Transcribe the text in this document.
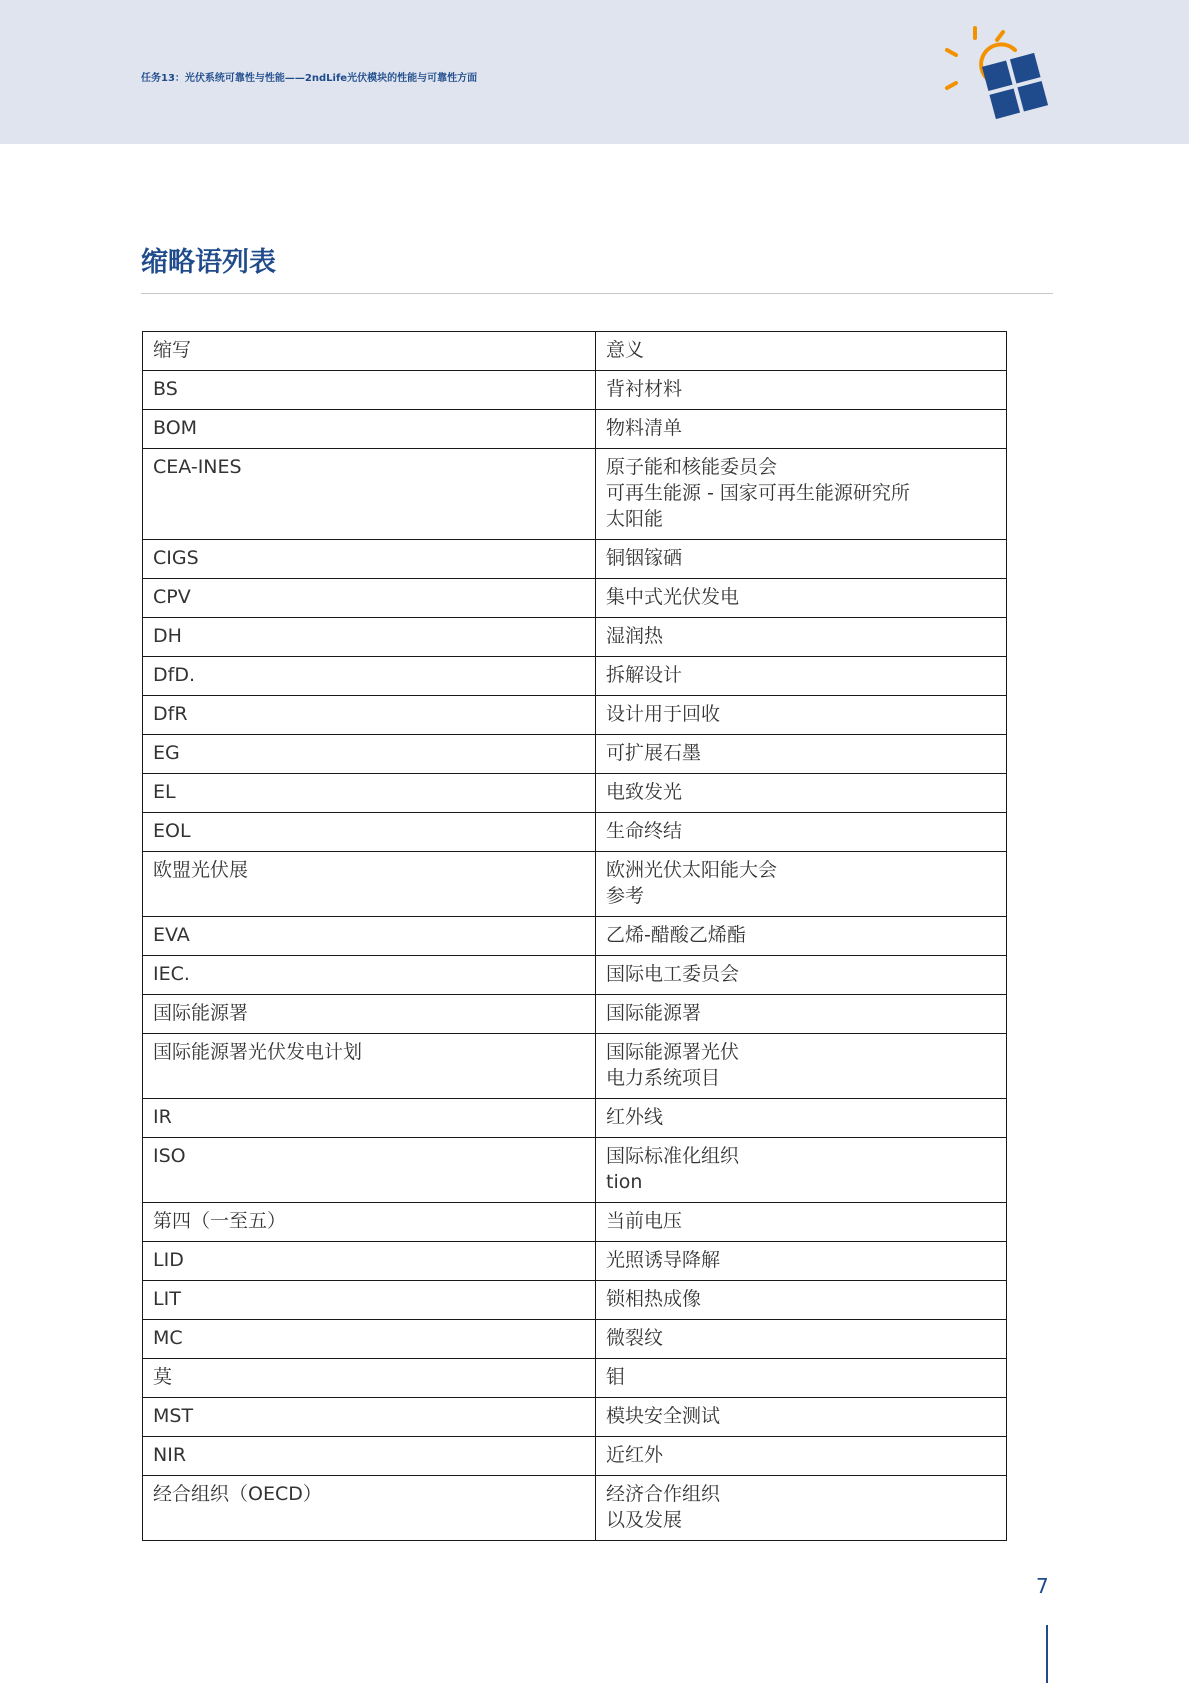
任务13：光伏系统可靠性与性能——2ndLife光伏模块的性能与可靠性方面
缩略语列表
缩写	意义
BS	背衬材料

BOM	物料清单

CEA-INES	原子能和核能委员会
可再生能源 - 国家可再生能源研究所
太阳能

CIGS	铜铟镓硒

CPV	集中式光伏发电

DH	湿润热

DfD.	拆解设计

DfR	设计用于回收

EG	可扩展石墨

EL	电致发光

EOL	生命终结

欧盟光伏展	欧洲光伏太阳能大会
参考

EVA	乙烯-醋酸乙烯酯

IEC.	国际电工委员会

国际能源署	国际能源署

国际能源署光伏发电计划	国际能源署光伏
电力系统项目

IR	红外线

ISO	国际标准化组织
tion

第四（一至五）	当前电压

LID	光照诱导降解

LIT	锁相热成像

MC	微裂纹

莫	钼

MST	模块安全测试

NIR	近红外

经合组织（OECD）	经济合作组织
以及发展
7
